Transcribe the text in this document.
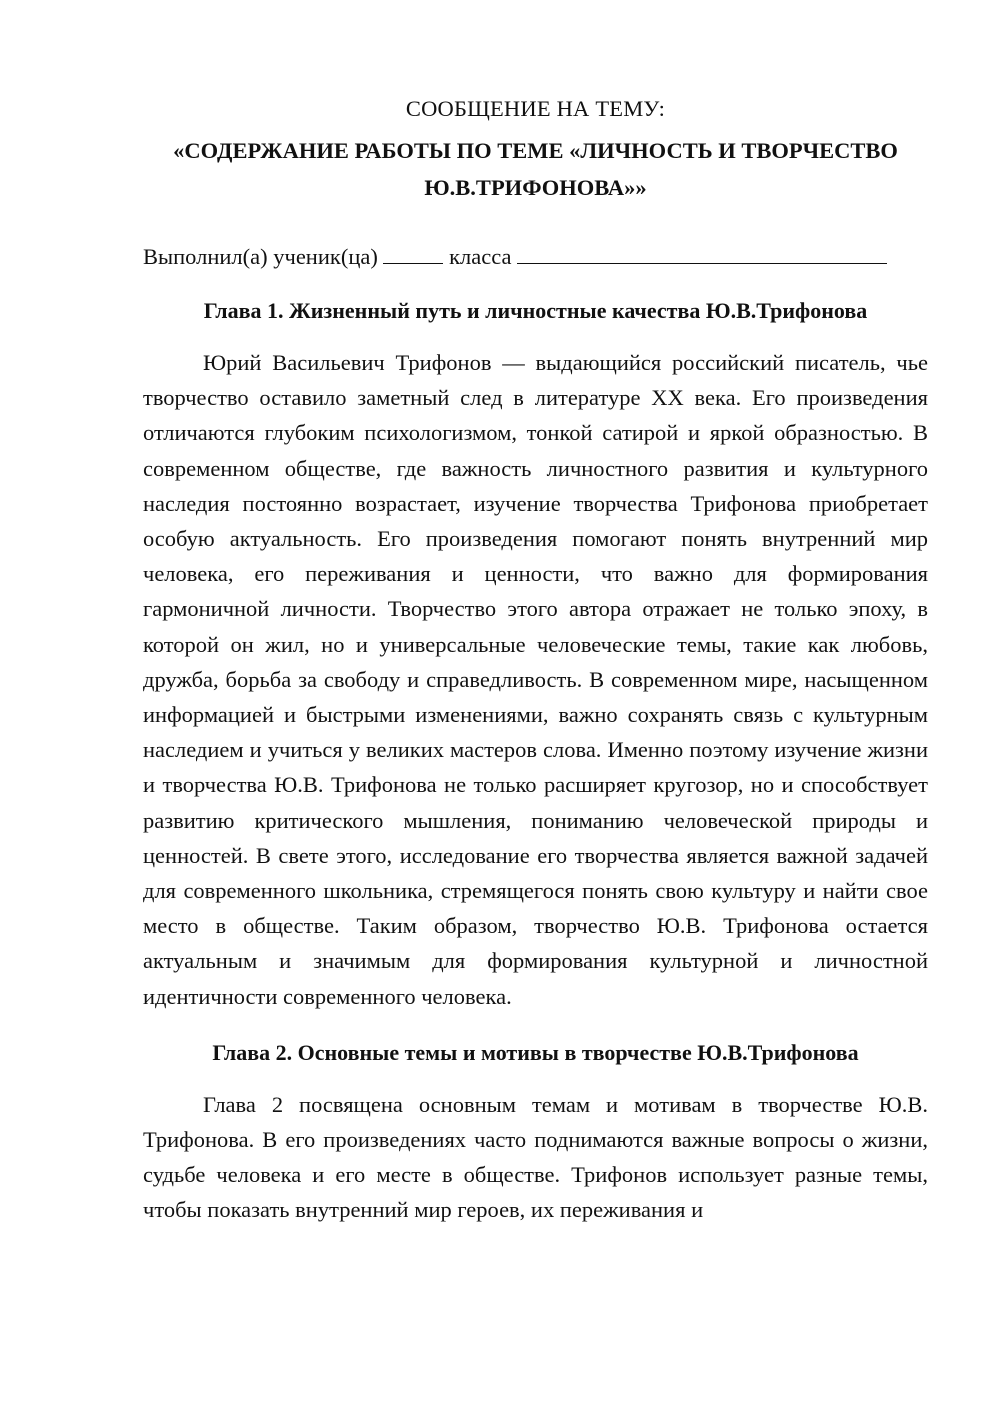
СООБЩЕНИЕ НА ТЕМУ:

«СОДЕРЖАНИЕ РАБОТЫ ПО ТЕМЕ «ЛИЧНОСТЬ И ТВОРЧЕСТВО Ю.В.ТРИФОНОВА»»

Выполнил(а) ученик(ца)	класса

Глава 1. Жизненный путь и личностные качества Ю.В.Трифонова

Юрий Васильевич Трифонов — выдающийся российский писатель, чье творчество оставило заметный след в литературе XX века. Его произведения отличаются глубоким психологизмом, тонкой сатирой и яркой образностью. В современном обществе, где важность личностного развития и культурного наследия постоянно возрастает, изучение творчества Трифонова приобретает особую актуальность. Его произведения помогают понять внутренний мир человека, его переживания и ценности, что важно для формирования гармоничной личности. Творчество этого автора отражает не только эпоху, в которой он жил, но и универсальные человеческие темы, такие как любовь, дружба, борьба за свободу и справедливость. В современном мире, насыщенном информацией и быстрыми изменениями, важно сохранять связь с культурным наследием и учиться у великих мастеров слова. Именно поэтому изучение жизни и творчества Ю.В. Трифонова не только расширяет кругозор, но и способствует развитию критического мышления, пониманию человеческой природы и ценностей. В свете этого, исследование его творчества является важной задачей для современного школьника, стремящегося понять свою культуру и найти свое место в обществе. Таким образом, творчество Ю.В. Трифонова остается актуальным и значимым для формирования культурной и личностной идентичности современного человека.

Глава 2. Основные темы и мотивы в творчестве Ю.В.Трифонова

Глава 2 посвящена основным темам и мотивам в творчестве Ю.В. Трифонова. В его произведениях часто поднимаются важные вопросы о жизни, судьбе человека и его месте в обществе. Трифонов использует разные темы, чтобы показать внутренний мир героев, их переживания и
